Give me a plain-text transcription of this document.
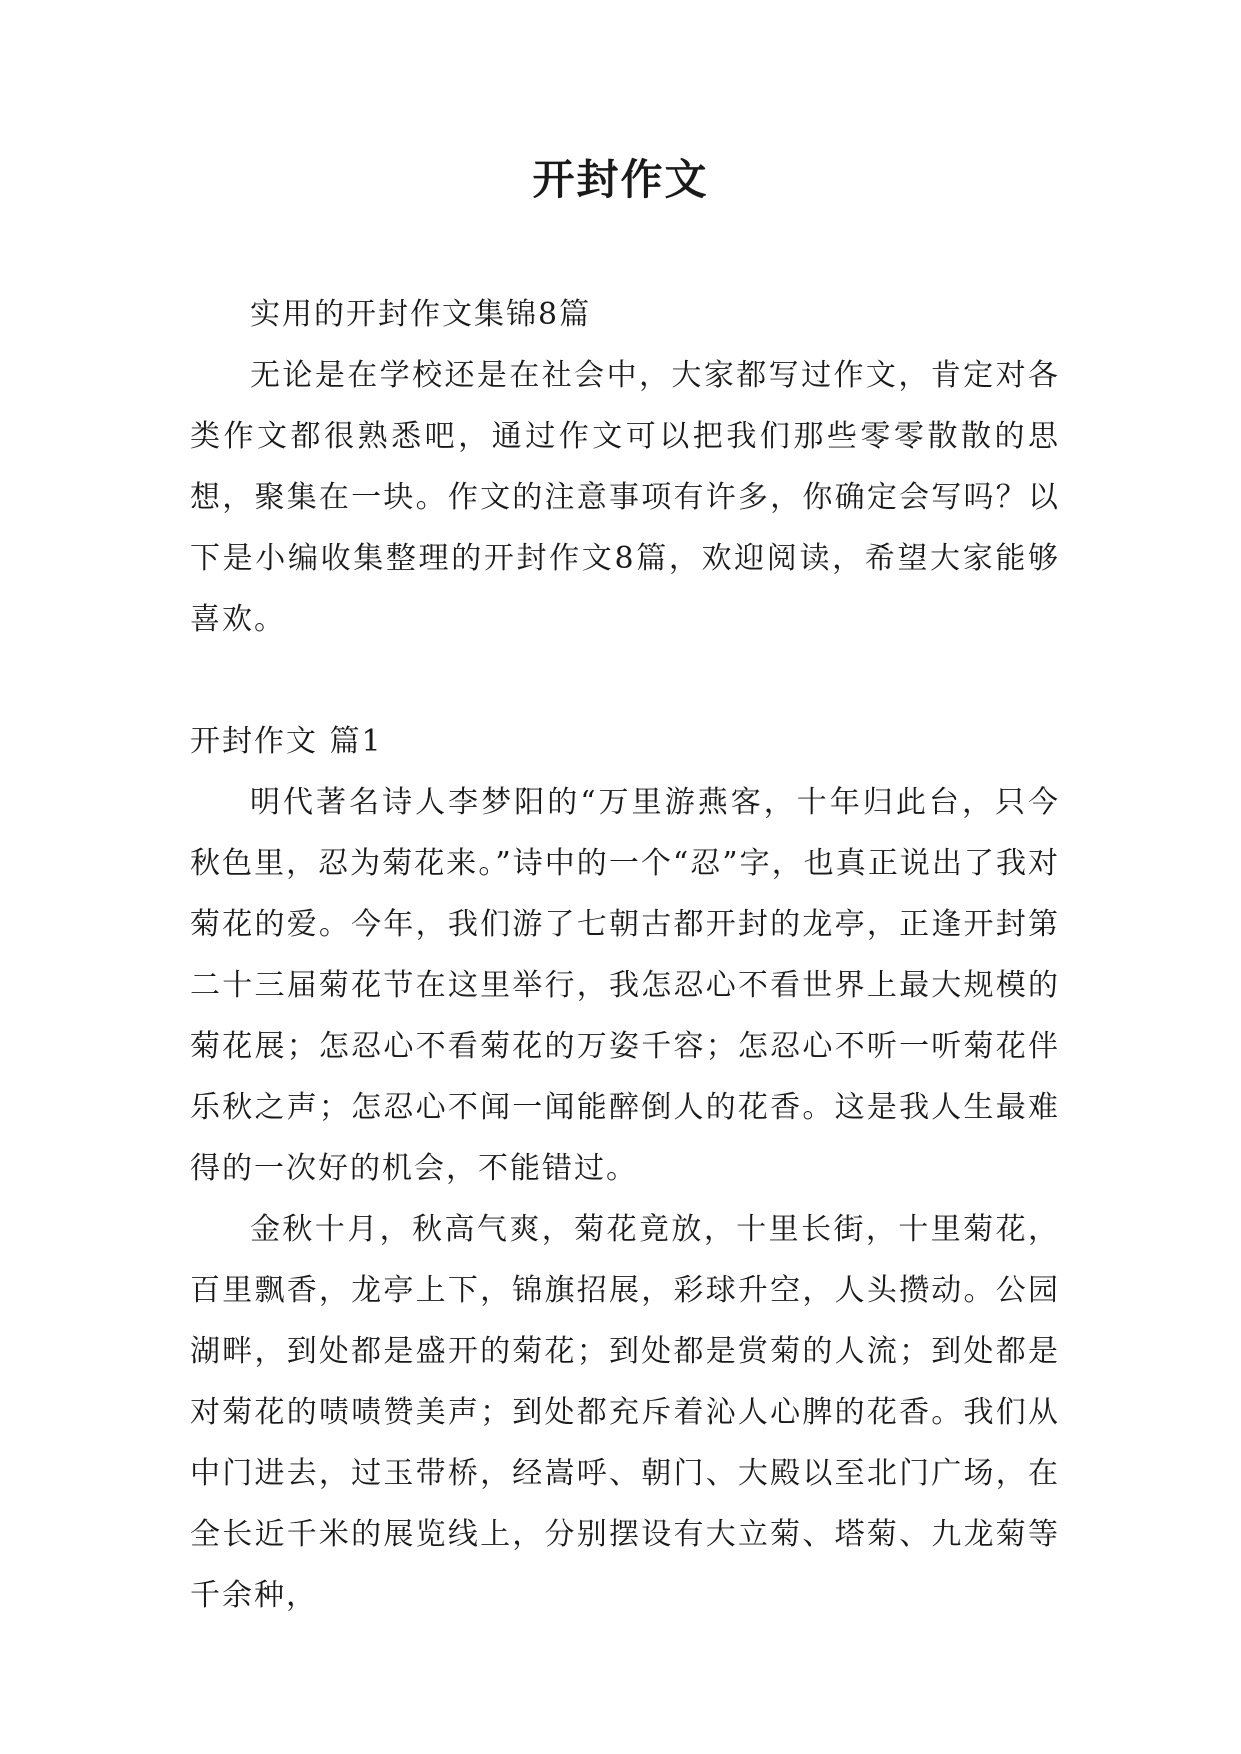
开封作文

实用的开封作文集锦8篇

无论是在学校还是在社会中，大家都写过作文，肯定对各类作文都很熟悉吧，通过作文可以把我们那些零零散散的思想，聚集在一块。作文的注意事项有许多，你确定会写吗？以下是小编收集整理的开封作文8篇，欢迎阅读，希望大家能够喜欢。

开封作文 篇1

明代著名诗人李梦阳的“万里游燕客，十年归此台，只今秋色里，忍为菊花来。”诗中的一个“忍”字，也真正说出了我对菊花的爱。今年，我们游了七朝古都开封的龙亭，正逢开封第二十三届菊花节在这里举行，我怎忍心不看世界上最大规模的菊花展；怎忍心不看菊花的万姿千容；怎忍心不听一听菊花伴乐秋之声；怎忍心不闻一闻能醉倒人的花香。这是我人生最难得的一次好的机会，不能错过。

金秋十月，秋高气爽，菊花竟放，十里长街，十里菊花，百里飘香，龙亭上下，锦旗招展，彩球升空，人头攒动。公园湖畔，到处都是盛开的菊花；到处都是赏菊的人流；到处都是对菊花的啧啧赞美声；到处都充斥着沁人心脾的花香。我们从中门进去，过玉带桥，经嵩呼、朝门、大殿以至北门广场，在全长近千米的展览线上，分别摆设有大立菊、塔菊、九龙菊等千余种，
